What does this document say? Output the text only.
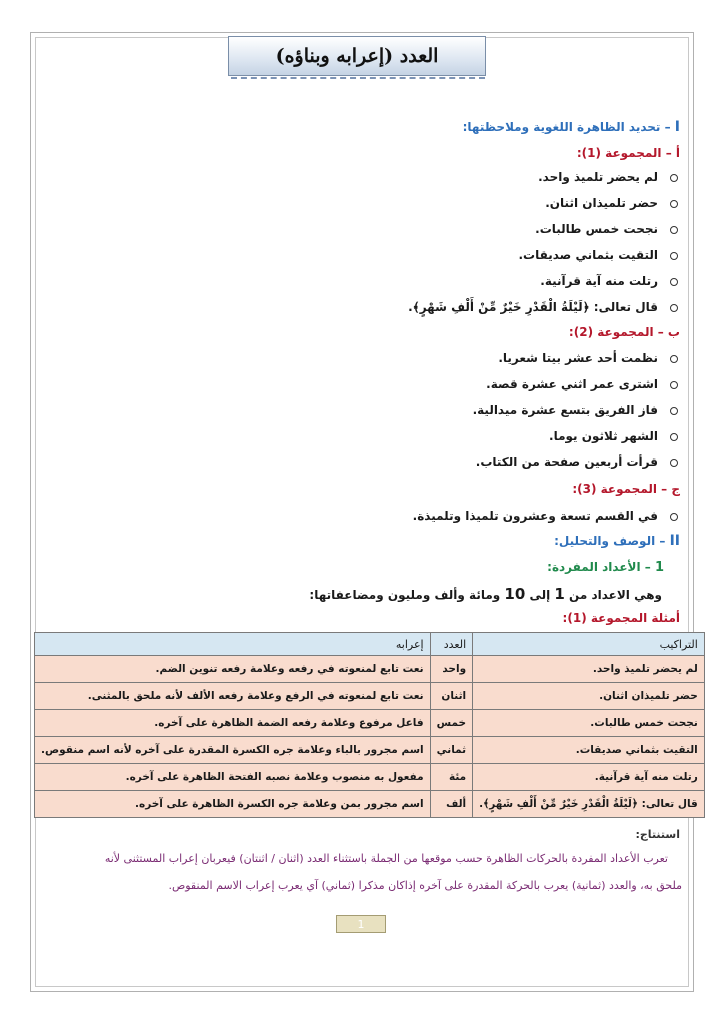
العدد (إعرابه وبناؤه)
I – تحديد الظاهرة اللغوية وملاحظتها:
أ – المجموعة (1):
لم يحضر تلميذ واحد.
حضر تلميذان اثنان.
نجحت خمس طالبات.
التقيت بثماني صديقات.
رتلت منه آية قرآنية.
قال تعالى: ﴿لَيْلَةُ الْقَدْرِ خَيْرٌ مِّنْ أَلْفِ شَهْرٍ﴾.
ب – المجموعة (2):
نظمت أحد عشر بيتا شعريا.
اشترى عمر اثني عشرة قصة.
فاز الفريق بتسع عشرة ميدالية.
الشهر ثلاثون يوما.
قرأت أربعين صفحة من الكتاب.
ج – المجموعة (3):
في القسم تسعة وعشرون تلميذا وتلميذة.
II – الوصف والتحليل:
1 – الأعداد المفردة:
وهي الاعداد من 1 إلى 10 ومائة وألف ومليون ومضاعفاتها:
أمثلة المجموعة (1):
التراكيب	العدد	إعرابه
لم يحضر تلميذ واحد.	واحد	نعت تابع لمنعوته في رفعه وعلامة رفعه تنوين الضم.
حضر تلميذان اثنان.	اثنان	نعت تابع لمنعوته في الرفع وعلامة رفعه الألف لأنه ملحق بالمثنى.
نجحت خمس طالبات.	خمس	فاعل مرفوع وعلامة رفعه الضمة الظاهرة على آخره.
التقيت بثماني صديقات.	ثماني	اسم مجرور بالباء وعلامة جره الكسرة المقدرة على آخره لأنه اسم منقوص.
رتلت منه آية قرآنية.	مئة	مفعول به منصوب وعلامة نصبه الفتحة الظاهرة على آخره.
قال تعالى: ﴿لَيْلَةُ الْقَدْرِ خَيْرٌ مِّنْ أَلْفِ شَهْرٍ﴾.	ألف	اسم مجرور بمن وعلامة جره الكسرة الظاهرة على آخره.
استنتاج:
تعرب الأعداد المفردة بالحركات الظاهرة حسب موقعها من الجملة باستثناء العدد (اثنان / اثنتان) فيعربان إعراب المستثنى لأنه
ملحق به، والعدد (ثمانية) يعرب بالحركة المقدرة على آخره إذاكان مذكرا (ثماني) آي يعرب إعراب الاسم المنقوص.
1
